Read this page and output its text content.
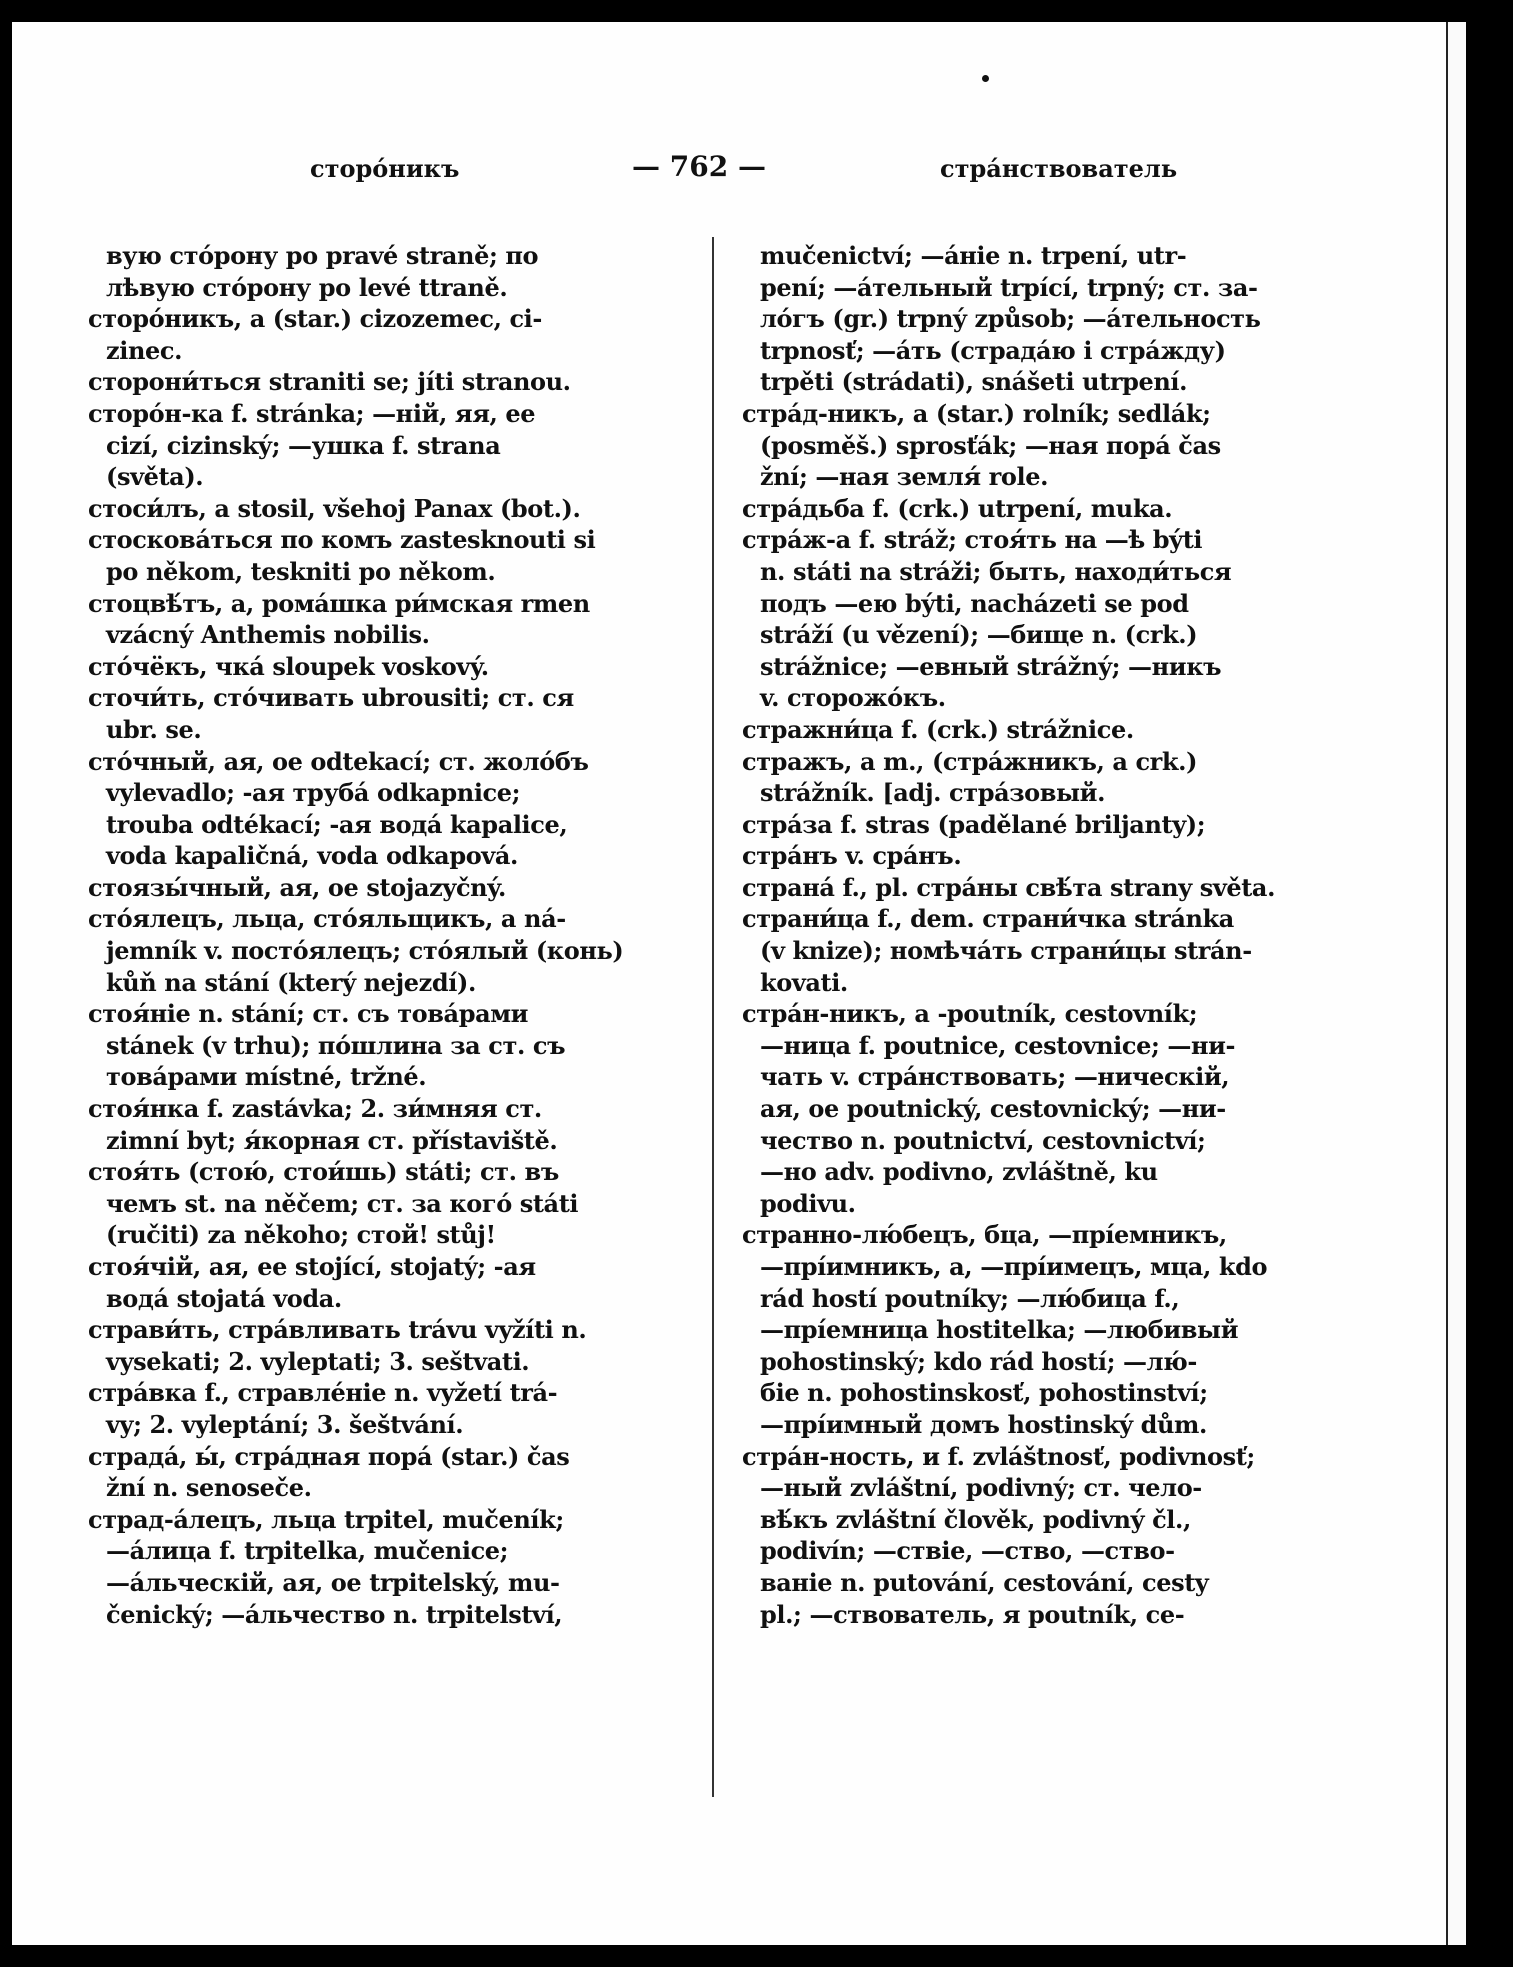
сторо́никъ	— 762 —	стра́нствователь
вую сто́рону po pravé straně; по
лѣвую сто́рону po levé ttraně.
сторо́никъ, а (star.) cizozemec, ci-
zinec.
сторони́ться straniti se; jíti stranou.
сторо́н-ка f. stránka; —ній, яя, ее
cizí, cizinský; —ушка f. strana
(světa).
стоси́лъ, a stosil, všehoj Panax (bot.).
стоскова́ться по комъ zastesknouti si
po někom, teskniti po někom.
стоцвѣ́тъ, а, рома́шка ри́мская rmen
vzácný Anthemis nobilis.
сто́чёкъ, чка́ sloupek voskový.
сточи́ть, сто́чивать ubrousiti; ст. ся
ubr. se.
сто́чный, ая, ое odtekací; ст. жоло́бъ
vylevadlo; -ая труба́ odkapnice;
trouba odtékací; -ая вода́ kapalice,
voda kapaličná, voda odkapová.
стоязы́чный, ая, ое stojazyčný.
сто́ялецъ, льца, сто́яльщикъ, а ná-
jemník v. посто́ялецъ; сто́ялый (конь)
kůň na stání (který nejezdí).
стоя́ніе n. stání; ст. съ това́рами
stánek (v trhu); по́шлина за ст. съ
това́рами místné, tržné.
стоя́нка f. zastávka; 2. зи́мняя ст.
zimní byt; я́корная ст. přístaviště.
стоя́ть (стою́, стои́шь) státi; ст. въ
чемъ st. na něčem; ст. за кого́ státi
(ručiti) za někoho; стой! stůj!
стоя́чій, ая, ее stojící, stojatý; -ая
вода́ stojatá voda.
страви́ть, стра́вливать trávu vyžíti n.
vysekati; 2. vyleptati; 3. seštvati.
стра́вка f., стравле́ніе n. vyžetí trá-
vy; 2. vyleptání; 3. šeštvání.
страда́, ы́, стра́дная пора́ (star.) čas
žní n. senoseče.
страд-а́лецъ, льца trpitel, mučeník;
—а́лица f. trpitelka, mučenice;
—а́льческій, ая, ое trpitelský, mu-
čenický; —а́льчество n. trpitelství,
mučenictví; —а́ніе n. trpení, utr-
pení; —а́тельный trpící, trpný; ст. за-
ло́гъ (gr.) trpný způsob; —а́тельность
trpnosť; —а́ть (страда́ю i стра́жду)
trpěti (strádati), snášeti utrpení.
стра́д-никъ, а (star.) rolník; sedlák;
(posměš.) sprosťák; —ная пора́ čas
žní; —ная земля́ role.
стра́дьба f. (crk.) utrpení, muka.
стра́ж-а f. stráž; стоя́ть на —ѣ býti
n. státi na stráži; быть, находи́ться
подъ —ею býti, nacházeti se pod
stráží (u vězení); —бище n. (crk.)
strážnice; —евный strážný; —никъ
v. сторожо́къ.
стражни́ца f. (crk.) strážnice.
стражъ, а m., (стра́жникъ, а crk.)
strážník. [adj. стра́зовый.
стра́за f. stras (padělané briljanty);
стра́нъ v. сра́нъ.
страна́ f., pl. стра́ны свѣ́та strany světa.
страни́ца f., dem. страни́чка stránka
(v knize); номѣча́ть страни́цы strán-
kovati.
стра́н-никъ, а -poutník, cestovník;
—ница f. poutnice, cestovnice; —ни-
чать v. стра́нствовать; —ническій,
ая, ое poutnický, cestovnický; —ни-
чество n. poutnictví, cestovnictví;
—но adv. podivno, zvláštně, ku
podivu.
странно-лю́бецъ, бца, —прі́емникъ,
—прі́имникъ, а, —прі́имецъ, мца, kdo
rád hostí poutníky; —лю́бица f.,
—прі́емница hostitelka; —любивый
pohostinský; kdo rád hostí; —лю́-
біе n. pohostinskosť, pohostinství;
—прі́имный домъ hostinský dům.
стра́н-ность, и f. zvláštnosť, podivnosť;
—ный zvláštní, podivný; ст. чело-
вѣ́къ zvláštní člověk, podivný čl.,
podivín; —ствіе, —ство, —ство-
ваніе n. putování, cestování, cesty
pl.; —ствователь, я poutník, ce-
